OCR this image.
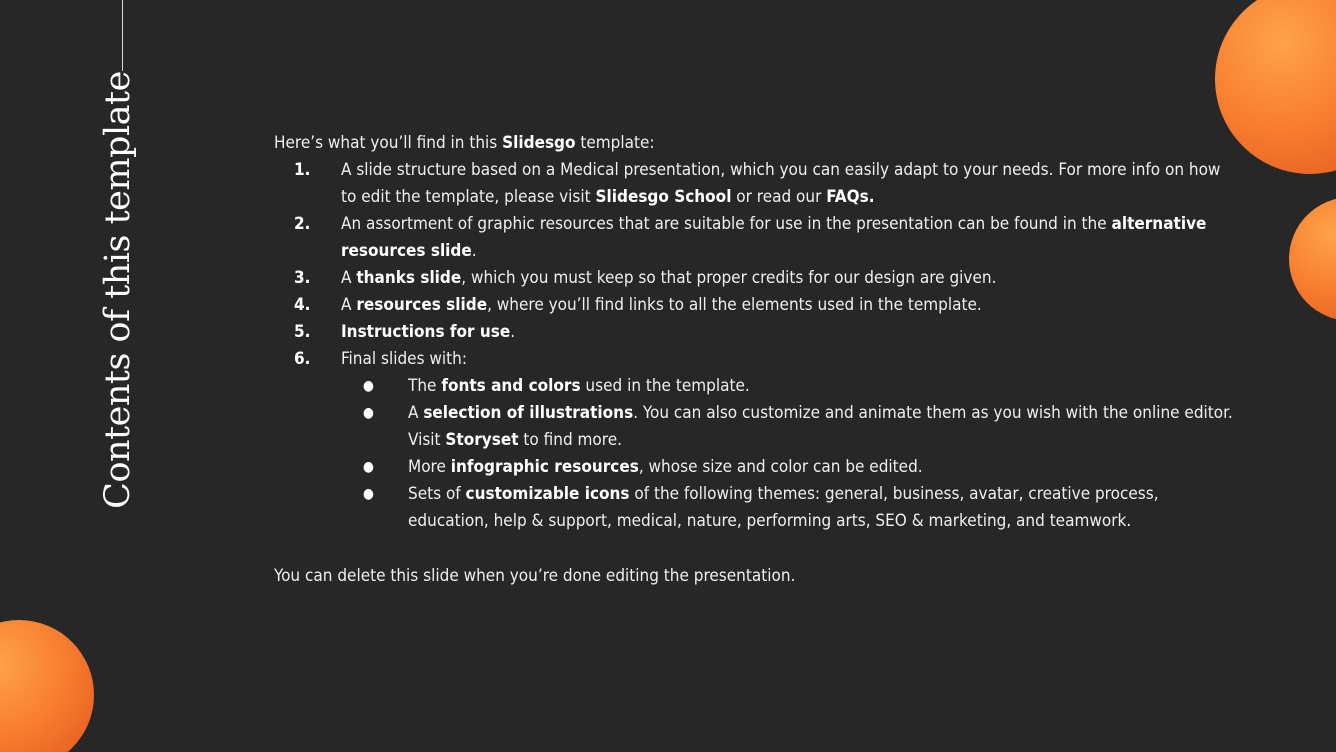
Contents of this template	Here’s what you’ll find in this Slidesgo template:

1. A slide structure based on a Medical presentation, which you can easily adapt to your needs. For more info on how to edit the template, please visit Slidesgo School or read our FAQs.
2. An assortment of graphic resources that are suitable for use in the presentation can be found in the alternative resources slide.
3. A thanks slide, which you must keep so that proper credits for our design are given.
4. A resources slide, where you’ll find links to all the elements used in the template.
5. Instructions for use.
6. Final slides with:
● The fonts and colors used in the template.
● A selection of illustrations. You can also customize and animate them as you wish with the online editor. Visit Storyset to find more.
● More infographic resources, whose size and color can be edited.
● Sets of customizable icons of the following themes: general, business, avatar, creative process, education, help & support, medical, nature, performing arts, SEO & marketing, and teamwork.

You can delete this slide when you’re done editing the presentation.
